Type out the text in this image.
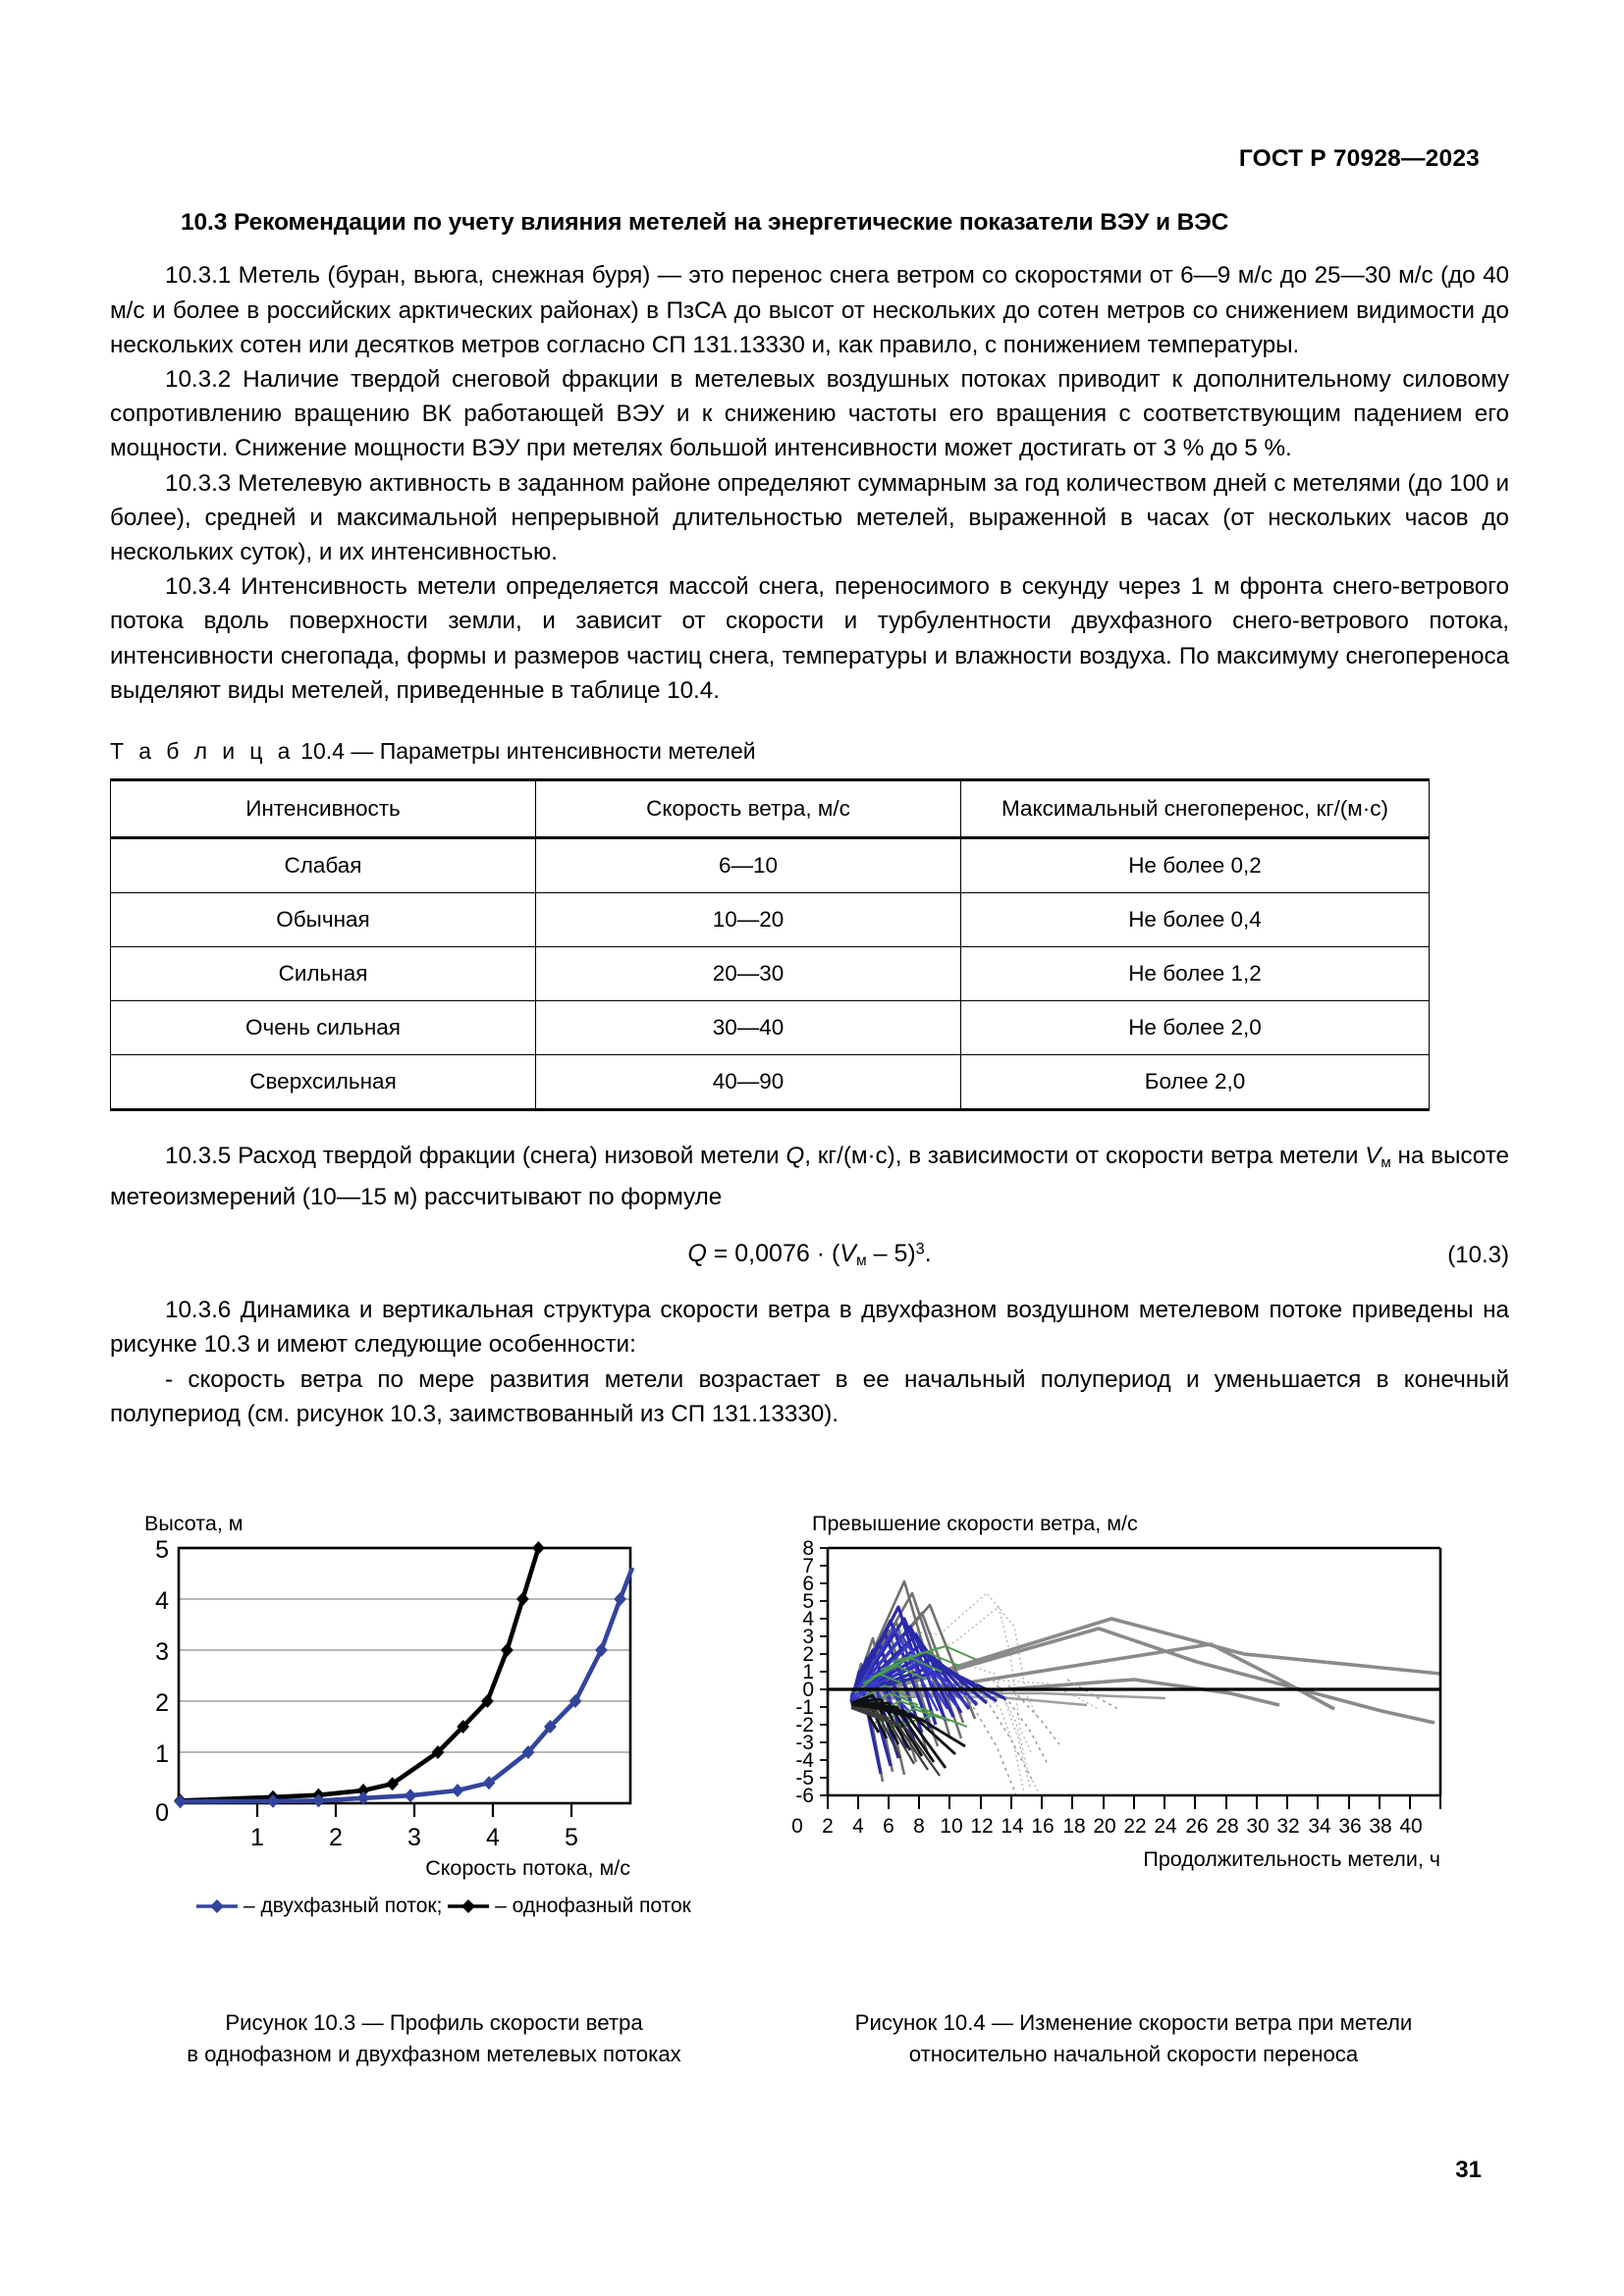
ГОСТ Р 70928—2023
10.3 Рекомендации по учету влияния метелей на энергетические показатели ВЭУ и ВЭС

10.3.1 Метель (буран, вьюга, снежная буря) — это перенос снега ветром со скоростями от 6—9 м/с до 25—30 м/с (до 40 м/с и более в российских арктических районах) в ПзСА до высот от нескольких до сотен метров со снижением видимости до нескольких сотен или десятков метров согласно СП 131.13330 и, как правило, с понижением температуры.

10.3.2 Наличие твердой снеговой фракции в метелевых воздушных потоках приводит к дополнительному силовому сопротивлению вращению ВК работающей ВЭУ и к снижению частоты его вращения с соответствующим падением его мощности. Снижение мощности ВЭУ при метелях большой интенсивности может достигать от 3 % до 5 %.

10.3.3 Метелевую активность в заданном районе определяют суммарным за год количеством дней с метелями (до 100 и более), средней и максимальной непрерывной длительностью метелей, выраженной в часах (от нескольких часов до нескольких суток), и их интенсивностью.

10.3.4 Интенсивность метели определяется массой снега, переносимого в секунду через 1 м фронта снего-ветрового потока вдоль поверхности земли, и зависит от скорости и турбулентности двухфазного снего-ветрового потока, интенсивности снегопада, формы и размеров частиц снега, температуры и влажности воздуха. По максимуму снегопереноса выделяют виды метелей, приведенные в таблице 10.4.

Т а б л и ц а 10.4 — Параметры интенсивности метелей
Интенсивность	Скорость ветра, м/с	Максимальный снегоперенос, кг/(м·с)
Слабая	6—10	Не более 0,2
Обычная	10—20	Не более 0,4
Сильная	20—30	Не более 1,2
Очень сильная	30—40	Не более 2,0
Сверхсильная	40—90	Более 2,0

10.3.5 Расход твердой фракции (снега) низовой метели Q, кг/(м·с), в зависимости от скорости ветра метели $V_м$ на высоте метеоизмерений (10—15 м) рассчитывают по формуле

$Q = 0,0076 \cdot (V_м - 5)^3$.	(10.3)

10.3.6 Динамика и вертикальная структура скорости ветра в двухфазном воздушном метелевом потоке приведены на рисунке 10.3 и имеют следующие особенности:

- скорость ветра по мере развития метели возрастает в ее начальный полупериод и уменьшается в конечный полупериод (см. рисунок 10.3, заимствованный из СП 131.13330).

Высота, м
5
4
3
2
1
0
1	2	3	4	5
Скорость потока, м/с
– двухфазный поток;	– однофазный поток
Превышение скорости ветра, м/с
8
7
6
5
4
3
2
1
0
-1
-2
-3
-4
-5
-6
0 2 4 6 8 10 12 14 16 18 20 22 24 26 28 30 32 34 36 38 40
Продолжительность метели, ч
Рисунок 10.3 — Профиль скорости ветра
в однофазном и двухфазном метелевых потоках
Рисунок 10.4 — Изменение скорости ветра при метели
относительно начальной скорости переноса
31
